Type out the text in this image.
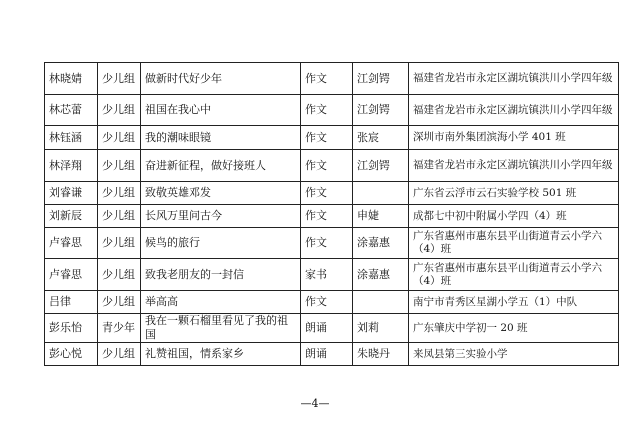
林晓婧	少儿组	做新时代好少年	作文	江剑锷	福建省龙岩市永定区湖坑镇洪川小学四年级
林芯蕾	少儿组	祖国在我心中	作文	江剑锷	福建省龙岩市永定区湖坑镇洪川小学四年级
林钰涵	少儿组	我的潮味眼镜	作文	张宸	深圳市南外集团滨海小学 401 班
林泽翔	少儿组	奋进新征程，做好接班人	作文	江剑锷	福建省龙岩市永定区湖坑镇洪川小学四年级
刘睿谦	少儿组	致敬英雄邓发	作文		广东省云浮市云石实验学校 501 班
刘新辰	少儿组	长风万里问古今	作文	申婕	成都七中初中附属小学四（4）班
卢睿思	少儿组	候鸟的旅行	作文	涂嘉惠	广东省惠州市惠东县平山街道青云小学六（4）班
卢睿思	少儿组	致我老朋友的一封信	家书	涂嘉惠	广东省惠州市惠东县平山街道青云小学六（4）班
吕律	少儿组	举高高	作文		南宁市青秀区星湖小学五（1）中队
彭乐怡	青少年	我在一颗石榴里看见了我的祖国	朗诵	刘莉	广东肇庆中学初一 20 班
彭心悦	少儿组	礼赞祖国，情系家乡	朗诵	朱晓丹	来凤县第三实验小学
—4—
